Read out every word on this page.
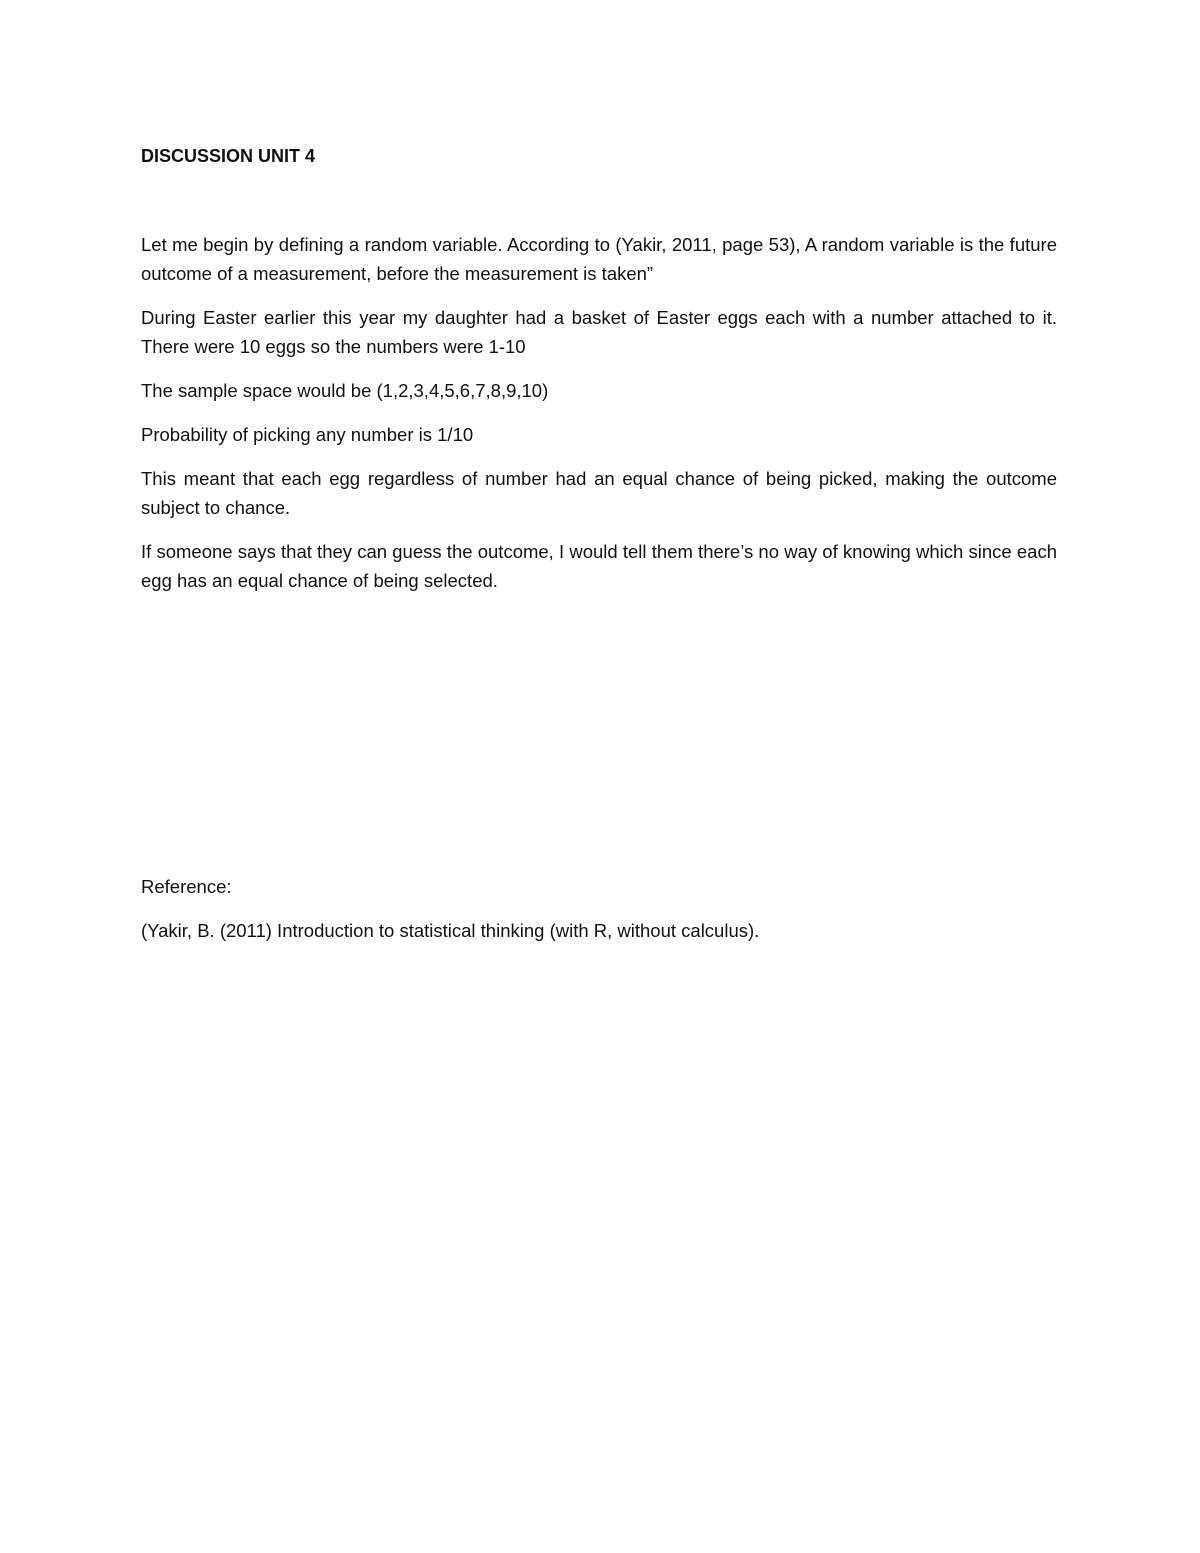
DISCUSSION UNIT 4

Let me begin by defining a random variable. According to (Yakir, 2011, page 53), A random variable is the future outcome of a measurement, before the measurement is taken”

During Easter earlier this year my daughter had a basket of Easter eggs each with a number attached to it. There were 10 eggs so the numbers were 1-10

The sample space would be (1,2,3,4,5,6,7,8,9,10)

Probability of picking any number is 1/10

This meant that each egg regardless of number had an equal chance of being picked, making the outcome subject to chance.

If someone says that they can guess the outcome, I would tell them there’s no way of knowing which since each egg has an equal chance of being selected.

Reference:

(Yakir, B. (2011) Introduction to statistical thinking (with R, without calculus).
